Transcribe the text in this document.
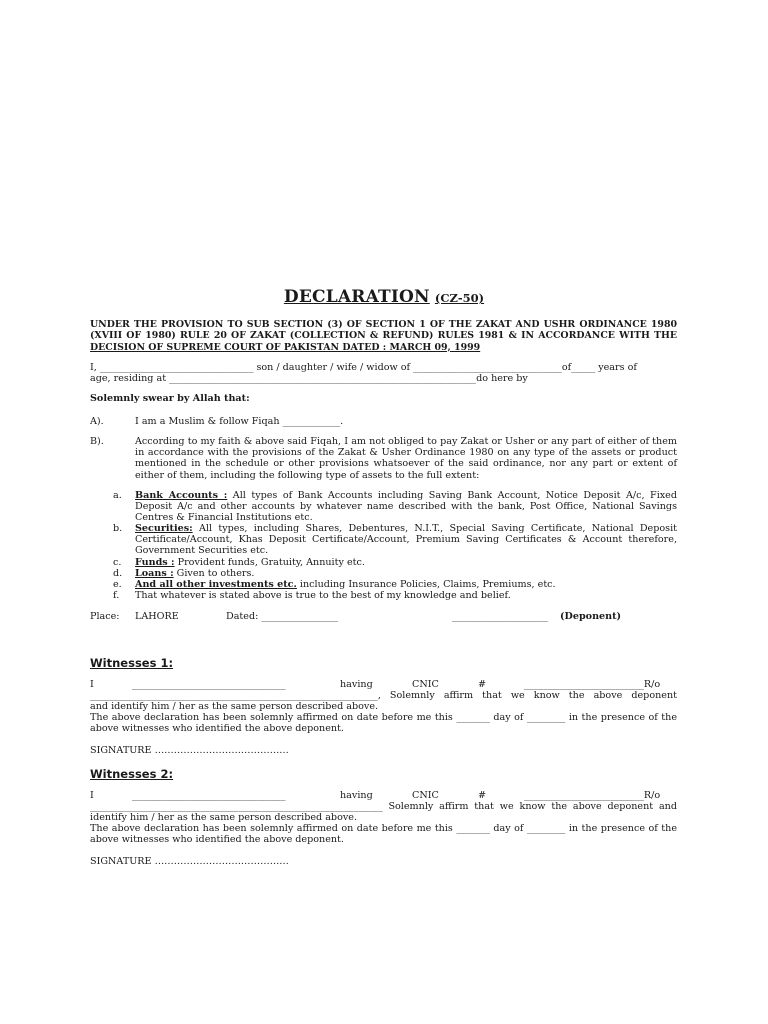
DECLARATION (CZ-50)
UNDER THE PROVISION TO SUB SECTION (3) OF SECTION 1 OF THE ZAKAT AND USHR ORDINANCE 1980 (XVIII OF 1980) RULE 20 OF ZAKAT (COLLECTION & REFUND) RULES 1981 & IN ACCORDANCE WITH THE DECISION OF SUPREME COURT OF PAKISTAN DATED : MARCH 09, 1999
I, ________________________________ son / daughter / wife / widow of _______________________________of_____ years of
age, residing at ________________________________________________________________do here by
Solemnly swear by Allah that:
A).	I am a Muslim & follow Fiqah ____________.
B).	According to my faith & above said Fiqah, I am not obliged to pay Zakat or Usher or any part of either of them in accordance with the provisions of the Zakat & Usher Ordinance 1980 on any type of the assets or product mentioned in the schedule or other provisions whatsoever of the said ordinance, nor any part or extent of either of them, including the following type of assets to the full extent:
a. Bank Accounts : All types of Bank Accounts including Saving Bank Account, Notice Deposit A/c, Fixed Deposit A/c and other accounts by whatever name described with the bank, Post Office, National Savings Centres & Financial Institutions etc.
b. Securities: All types, including Shares, Debentures, N.I.T., Special Saving Certificate, National Deposit Certificate/Account, Khas Deposit Certificate/Account, Premium Saving Certificates & Account therefore, Government Securities etc.
c. Funds : Provident funds, Gratuity, Annuity etc.
d. Loans : Given to others.
e. And all other investments etc. including Insurance Policies, Claims, Premiums, etc.
f. That whatever is stated above is true to the best of my knowledge and belief.
Place: LAHORE	Dated: ________________	____________________ (Deponent)
Witnesses 1:
I	________________________________	having	CNIC	#	_________________________R/o
____________________________________________________________, Solemnly affirm that we know the above deponent
and identify him / her as the same person described above.
The above declaration has been solemnly affirmed on date before me this _______ day of ________ in the presence of the
above witnesses who identified the above deponent.
SIGNATURE ……………………………………
Witnesses 2:
I	________________________________	having	CNIC	#	_________________________R/o
_____________________________________________________________ Solemnly affirm that we know the above deponent and
identify him / her as the same person described above.
The above declaration has been solemnly affirmed on date before me this _______ day of ________ in the presence of the
above witnesses who identified the above deponent.
SIGNATURE ……………………………………
